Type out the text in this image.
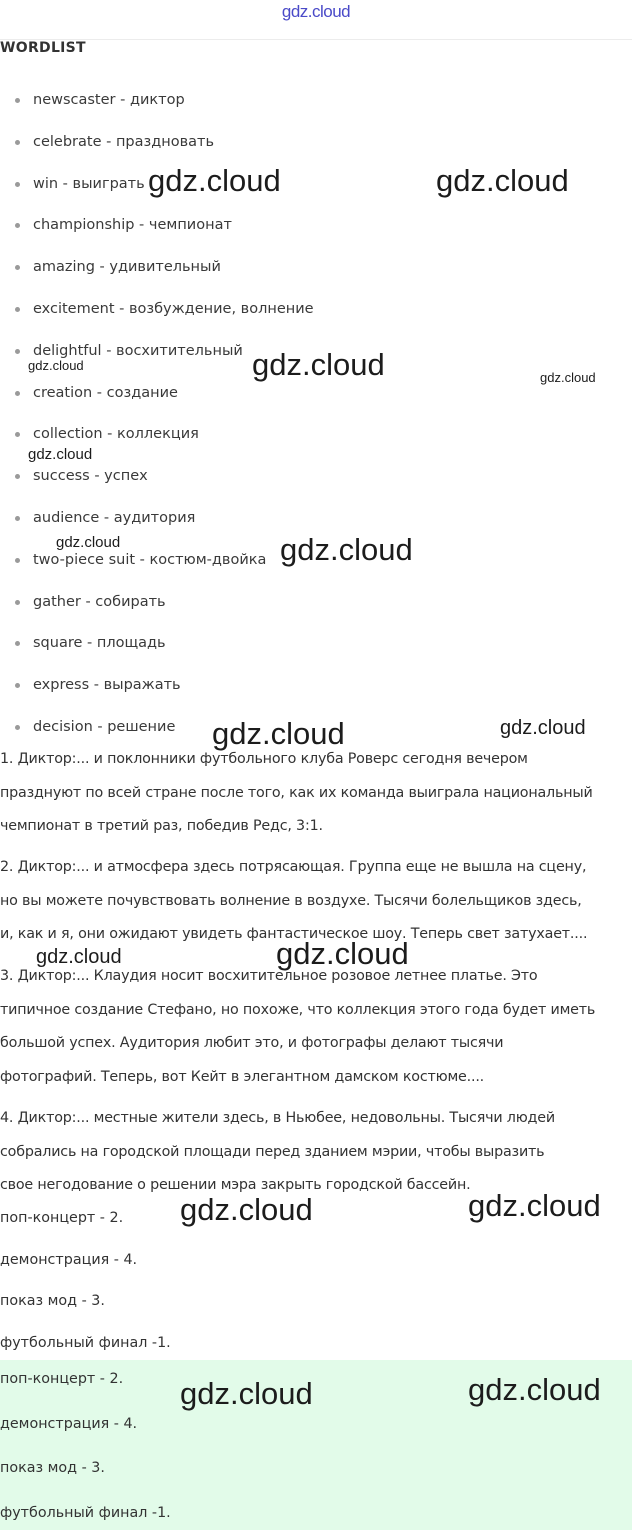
gdz.cloud
WORDLIST
newscaster - диктор
celebrate - праздновать
win - выиграть
championship - чемпионат
amazing - удивительный
excitement - возбуждение, волнение
delightful - восхитительный
creation - создание
collection - коллекция
success - успех
audience - аудитория
two-piece suit - костюм-двойка
gather - собирать
square - площадь
express - выражать
decision - решение
1. Диктор:... и поклонники футбольного клуба Роверс сегодня вечером
празднуют по всей стране после того, как их команда выиграла национальный
чемпионат в третий раз, победив Редс, 3:1.
2. Диктор:... и атмосфера здесь потрясающая. Группа еще не вышла на сцену,
но вы можете почувствовать волнение в воздухе. Тысячи болельщиков здесь,
и, как и я, они ожидают увидеть фантастическое шоу. Теперь свет затухает....
3. Диктор:... Клаудия носит восхитительное розовое летнее платье. Это
типичное создание Стефано, но похоже, что коллекция этого года будет иметь
большой успех. Аудитория любит это, и фотографы делают тысячи
фотографий. Теперь, вот Кейт в элегантном дамском костюме....
4. Диктор:... местные жители здесь, в Ньюбее, недовольны. Тысячи людей
собрались на городской площади перед зданием мэрии, чтобы выразить
свое негодование о решении мэра закрыть городской бассейн.
поп-концерт - 2.
демонстрация - 4.
показ мод - 3.
футбольный финал -1.
поп-концерт - 2.
демонстрация - 4.
показ мод - 3.
футбольный финал -1.
gdz.cloud	gdz.cloud
gdz.cloud
gdz.cloud
gdz.cloud
gdz.cloud
gdz.cloud	gdz.cloud
gdz.cloud	gdz.cloud
gdz.cloud	gdz.cloud
gdz.cloud	gdz.cloud
gdz.cloud	gdz.cloud
